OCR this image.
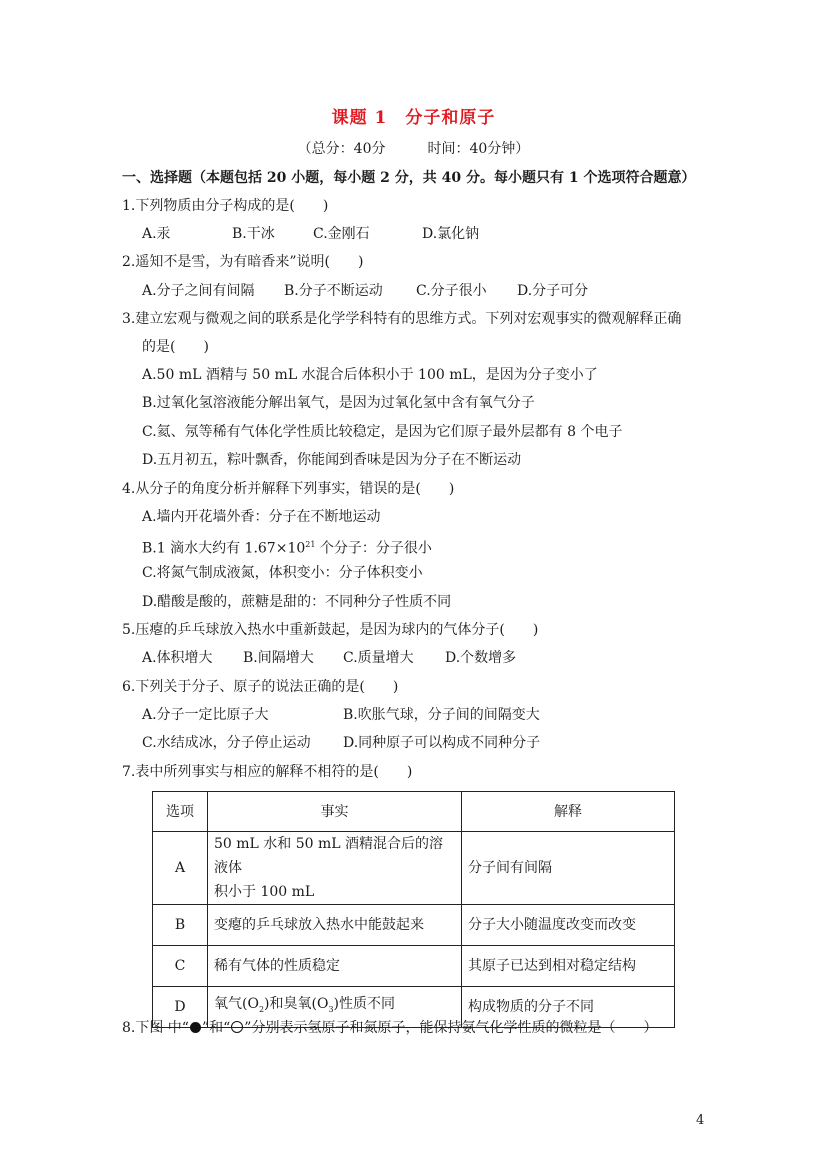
课题 1　分子和原子
（总分：40分　　　时间：40分钟）
一、选择题（本题包括 20 小题，每小题 2 分，共 40 分。每小题只有 1 个选项符合题意）
1.下列物质由分子构成的是(　　)
A.汞	B.干冰	C.金刚石	D.氯化钠
2.遥知不是雪，为有暗香来”说明(　　)
A.分子之间有间隔 B.分子不断运动 C.分子很小 D.分子可分
3.建立宏观与微观之间的联系是化学学科特有的思维方式。下列对宏观事实的微观解释正确
的是(　　)
A.50 mL 酒精与 50 mL 水混合后体积小于 100 mL，是因为分子变小了
B.过氧化氢溶液能分解出氧气，是因为过氧化氢中含有氧气分子
C.氦、氖等稀有气体化学性质比较稳定，是因为它们原子最外层都有 8 个电子
D.五月初五，粽叶飘香，你能闻到香味是因为分子在不断运动
4.从分子的角度分析并解释下列事实，错误的是(　　)
A.墙内开花墙外香：分子在不断地运动
B.1 滴水大约有 $1.67\times 10^{21}$ 个分子：分子很小
C.将氮气制成液氮，体积变小：分子体积变小
D.醋酸是酸的，蔗糖是甜的：不同种分子性质不同
5.压瘪的乒乓球放入热水中重新鼓起，是因为球内的气体分子(　　)
A.体积增大 B.间隔增大 C.质量增大 D.个数增多
6.下列关于分子、原子的说法正确的是(　　)
A.分子一定比原子大	B.吹胀气球，分子间的间隔变大
C.水结成冰，分子停止运动 D.同种原子可以构成不同种分子
7.表中所列事实与相应的解释不相符的是(　　)
选项	事实	解释
A	50 mL 水和 50 mL 酒精混合后的溶液体
积小于 100 mL	分子间有间隔
B	变瘪的乒乓球放入热水中能鼓起来	分子大小随温度改变而改变
C	稀有气体的性质稳定	其原子已达到相对稳定结构
D	氧气$(O_2)$和臭氧$(O_3)$性质不同	构成物质的分子不同
8.下图 中“ ”和“ ”分别表示氢原子和氮原子，能保持氨气化学性质的微粒是（　　）
4
